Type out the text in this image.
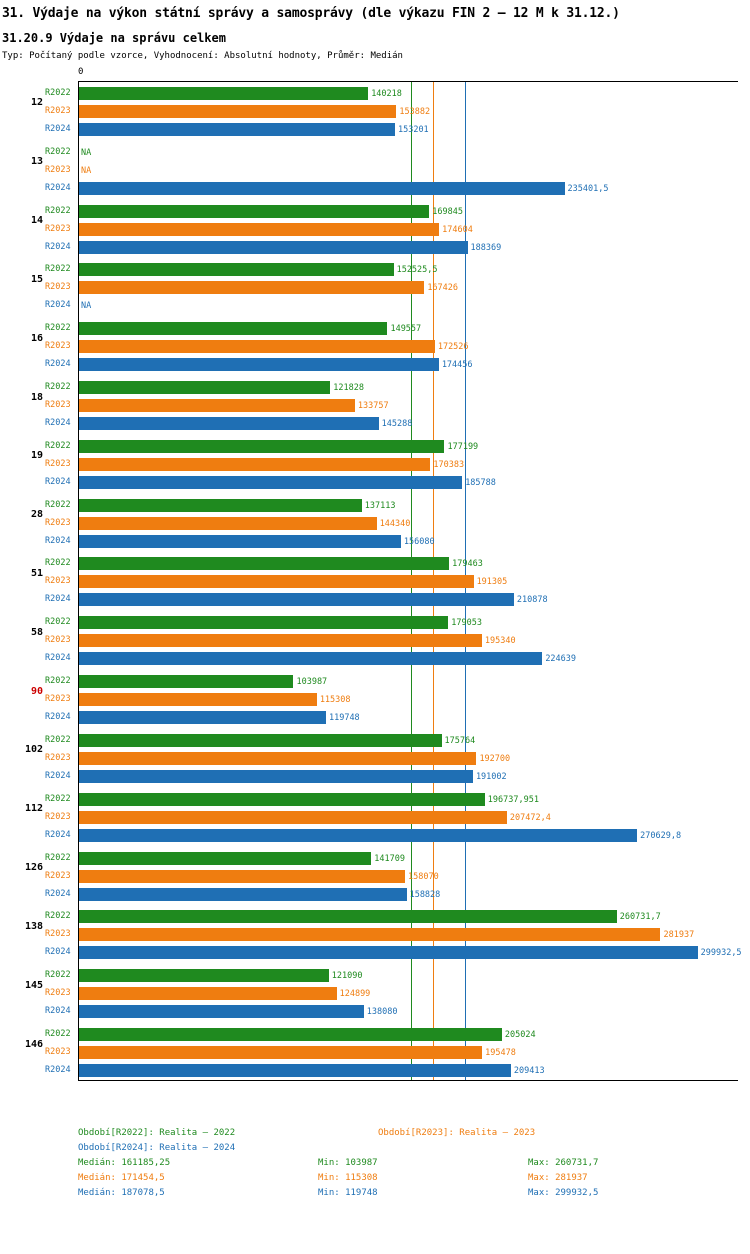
31. Výdaje na výkon státní správy a samosprávy (dle výkazu FIN 2 – 12 M k 31.12.)
31.20.9 Výdaje na správu celkem
Typ: Počítaný podle vzorce, Vyhodnocení: Absolutní hodnoty, Průměr: Medián
0
12
R2022	140218
R2023	153882
R2024	153201
13
R2022	NA
R2023	NA
R2024	235401,5
14
R2022	169845
R2023	174604
R2024	188369
15
R2022	152525,5
R2023	167426
R2024	NA
16
R2022	149557
R2023	172526
R2024	174456
18
R2022	121828
R2023	133757
R2024	145288
19
R2022	177199
R2023	170383
R2024	185788
28
R2022	137113
R2023	144340
R2024	156080
51
R2022	179463
R2023	191305
R2024	210878
58
R2022	179053
R2023	195340
R2024	224639
90
R2022	103987
R2023	115308
R2024	119748
102
R2022	175764
R2023	192700
R2024	191002
112
R2022	196737,951
R2023	207472,4
R2024	270629,8
126
R2022	141709
R2023	158070
R2024	158828
138
R2022	260731,7
R2023	281937
R2024	299932,5
145
R2022	121090
R2023	124899
R2024	138080
146
R2022	205024
R2023	195478
R2024	209413
Období[R2022]: Realita – 2022	Období[R2023]: Realita – 2023
Období[R2024]: Realita – 2024
Medián: 161185,25	Min: 103987	Max: 260731,7
Medián: 171454,5	Min: 115308	Max: 281937
Medián: 187078,5	Min: 119748	Max: 299932,5
